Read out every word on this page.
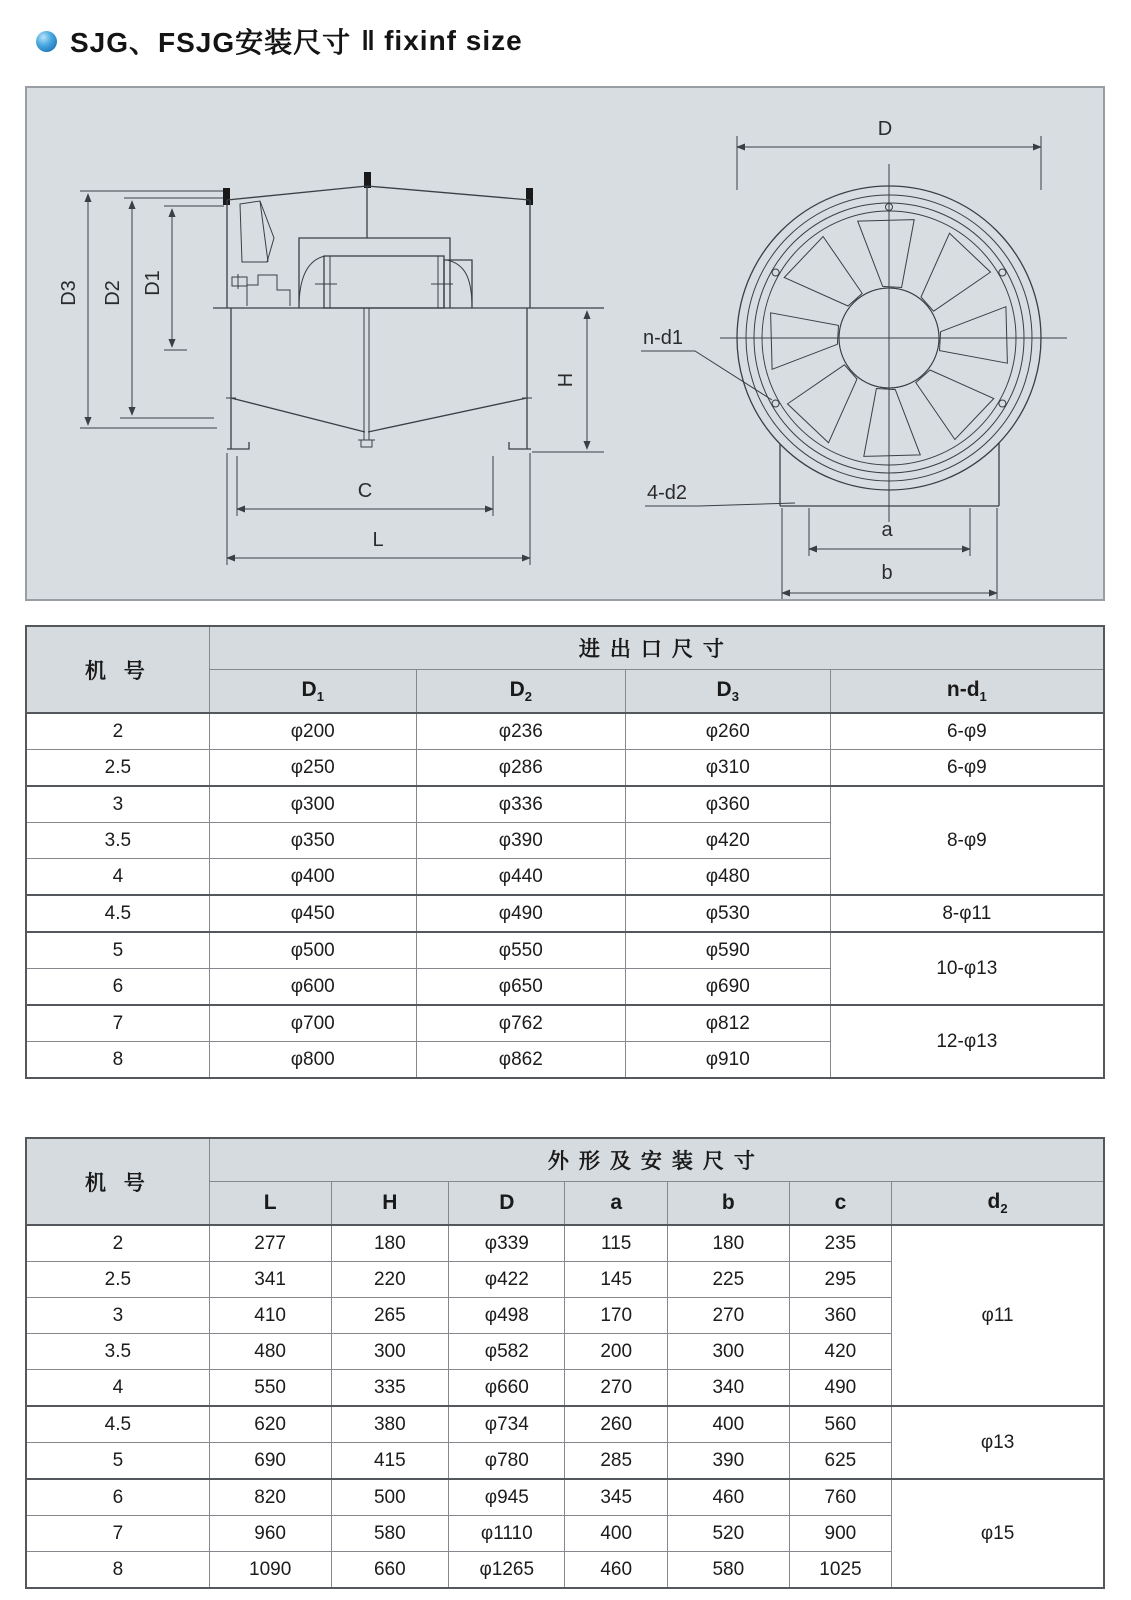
SJG、FSJG安装尺寸 ‖ fixinf size
D3 D2 D1
H
C
L
D
a
b
n-d1
4-d2
机 号	进出口尺寸			
	$D_1$	$D_2$	$D_3$	$n-d_1$
2	φ200	φ236	φ260	6-φ9
2.5	φ250	φ286	φ310	6-φ9
3	φ300	φ336	φ360	8-φ9
3.5	φ350	φ390	φ420	
4	φ400	φ440	φ480	
4.5	φ450	φ490	φ530	8-φ11
5	φ500	φ550	φ590	10-φ13
6	φ600	φ650	φ690	
7	φ700	φ762	φ812	12-φ13
8	φ800	φ862	φ910	
机 号	外形及安装尺寸						
	L	H	D	a	b	c	$d_2$
2	277	180	φ339	115	180	235	φ11
2.5	341	220	φ422	145	225	295	
3	410	265	φ498	170	270	360	
3.5	480	300	φ582	200	300	420	
4	550	335	φ660	270	340	490	
4.5	620	380	φ734	260	400	560	φ13
5	690	415	φ780	285	390	625	
6	820	500	φ945	345	460	760	φ15
7	960	580	φ1110	400	520	900	
8	1090	660	φ1265	460	580	1025	
